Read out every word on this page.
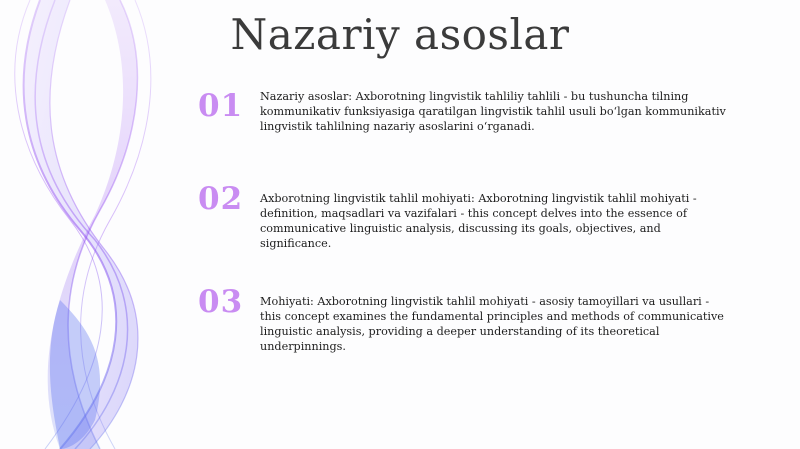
Nazariy asoslar
01 Nazariy asoslar: Axborotning lingvistik tahliliy tahlili - bu tushuncha tilning kommunikativ funksiyasiga qaratilgan lingvistik tahlil usuli boʻlgan kommunikativ lingvistik tahlilning nazariy asoslarini oʻrganadi.

02 Axborotning lingvistik tahlil mohiyati: Axborotning lingvistik tahlil mohiyati - definition, maqsadlari va vazifalari - this concept delves into the essence of communicative linguistic analysis, discussing its goals, objectives, and significance.

03 Mohiyati: Axborotning lingvistik tahlil mohiyati - asosiy tamoyillari va usullari - this concept examines the fundamental principles and methods of communicative linguistic analysis, providing a deeper understanding of its theoretical underpinnings.
